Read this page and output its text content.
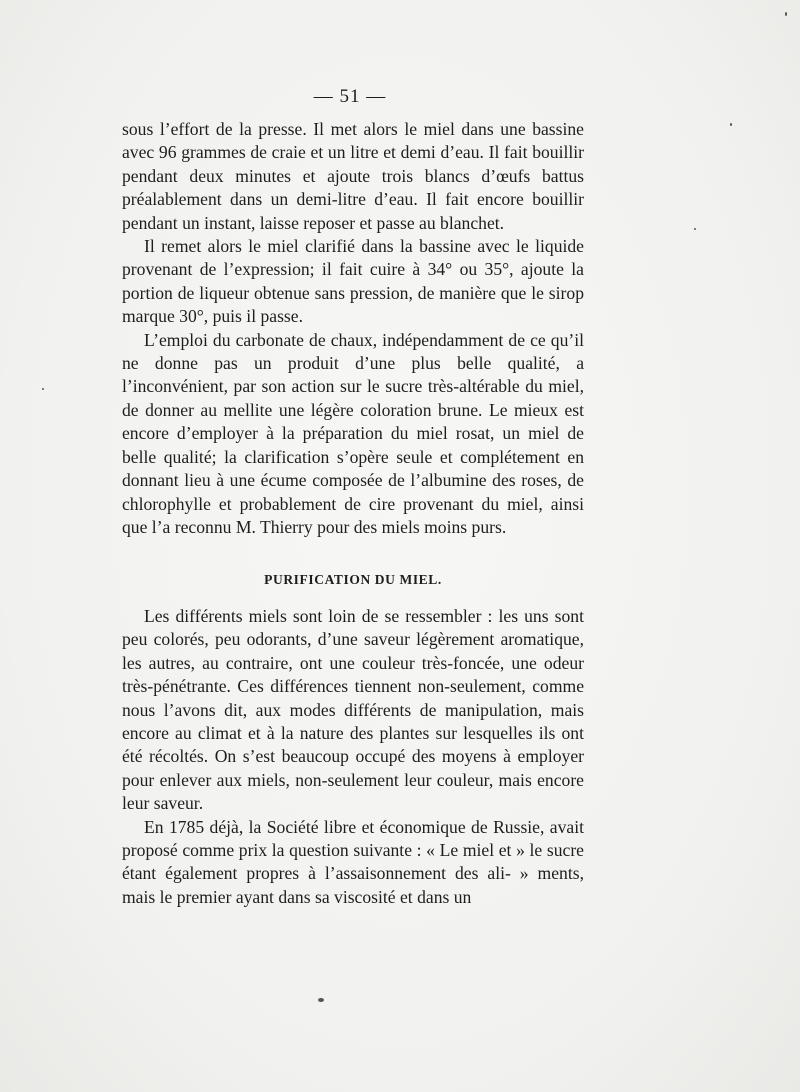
— 51 —

sous l’effort de la presse. Il met alors le miel dans une bassine avec 96 grammes de craie et un litre et demi d’eau. Il fait bouillir pendant deux minutes et ajoute trois blancs d’œufs battus préalablement dans un demi-litre d’eau. Il fait encore bouillir pendant un instant, laisse reposer et passe au blanchet.

Il remet alors le miel clarifié dans la bassine avec le liquide provenant de l’expression; il fait cuire à 34° ou 35°, ajoute la portion de liqueur obtenue sans pression, de manière que le sirop marque 30°, puis il passe.

L’emploi du carbonate de chaux, indépendamment de ce qu’il ne donne pas un produit d’une plus belle qualité, a l’inconvénient, par son action sur le sucre très-altérable du miel, de donner au mellite une légère coloration brune. Le mieux est encore d’employer à la préparation du miel rosat, un miel de belle qualité; la clarification s’opère seule et complétement en donnant lieu à une écume composée de l’albumine des roses, de chlorophylle et probablement de cire provenant du miel, ainsi que l’a reconnu M. Thierry pour des miels moins purs.

PURIFICATION DU MIEL.

Les différents miels sont loin de se ressembler : les uns sont peu colorés, peu odorants, d’une saveur légèrement aromatique, les autres, au contraire, ont une couleur très-foncée, une odeur très-pénétrante. Ces différences tiennent non-seulement, comme nous l’avons dit, aux modes différents de manipulation, mais encore au climat et à la nature des plantes sur lesquelles ils ont été récoltés. On s’est beaucoup occupé des moyens à employer pour enlever aux miels, non-seulement leur couleur, mais encore leur saveur.

En 1785 déjà, la Société libre et économique de Russie, avait proposé comme prix la question suivante : « Le miel et » le sucre étant également propres à l’assaisonnement des ali- » ments, mais le premier ayant dans sa viscosité et dans un
